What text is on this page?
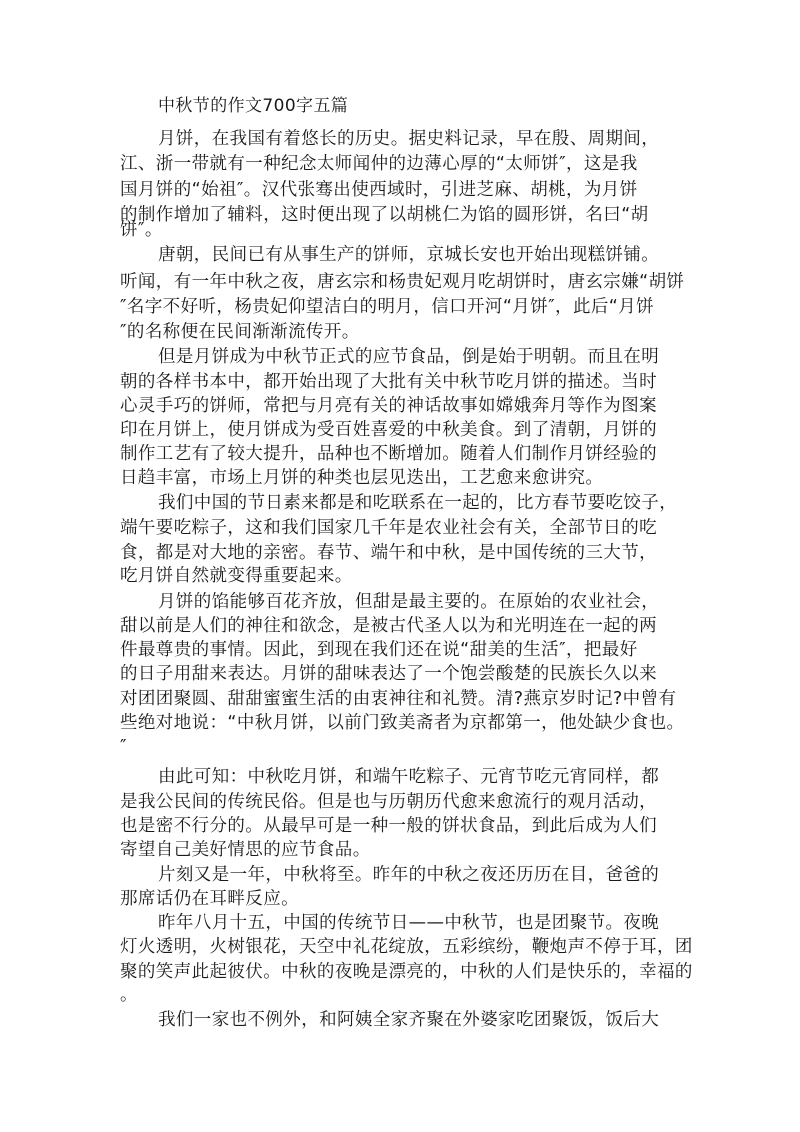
中秋节的作文700字五篇
月饼，在我国有着悠长的历史。据史料记录，早在殷、周期间，
江、浙一带就有一种纪念太师闻仲的边薄心厚的“太师饼″，这是我
国月饼的“始祖″。汉代张骞出使西域时，引进芝麻、胡桃，为月饼
的制作增加了辅料，这时便出现了以胡桃仁为馅的圆形饼，名曰“胡
饼″。
唐朝，民间已有从事生产的饼师，京城长安也开始出现糕饼铺。
听闻，有一年中秋之夜，唐玄宗和杨贵妃观月吃胡饼时，唐玄宗嫌“胡饼
″名字不好听，杨贵妃仰望洁白的明月，信口开河“月饼″，此后“月饼
″的名称便在民间渐渐流传开。
但是月饼成为中秋节正式的应节食品，倒是始于明朝。而且在明
朝的各样书本中，都开始出现了大批有关中秋节吃月饼的描述。当时
心灵手巧的饼师，常把与月亮有关的神话故事如嫦娥奔月等作为图案
印在月饼上，使月饼成为受百姓喜爱的中秋美食。到了清朝，月饼的
制作工艺有了较大提升，品种也不断增加。随着人们制作月饼经验的
日趋丰富，市场上月饼的种类也层见迭出，工艺愈来愈讲究。
我们中国的节日素来都是和吃联系在一起的，比方春节要吃饺子，
端午要吃粽子，这和我们国家几千年是农业社会有关，全部节日的吃
食，都是对大地的亲密。春节、端午和中秋，是中国传统的三大节，
吃月饼自然就变得重要起来。
月饼的馅能够百花齐放，但甜是最主要的。在原始的农业社会，
甜以前是人们的神往和欲念，是被古代圣人以为和光明连在一起的两
件最尊贵的事情。因此，到现在我们还在说“甜美的生活″，把最好
的日子用甜来表达。月饼的甜味表达了一个饱尝酸楚的民族长久以来
对团团聚圆、甜甜蜜蜜生活的由衷神往和礼赞。清?燕京岁时记?中曾有
些绝对地说：“中秋月饼，以前门致美斋者为京都第一，他处缺少食也。
″
由此可知：中秋吃月饼，和端午吃粽子、元宵节吃元宵同样，都
是我公民间的传统民俗。但是也与历朝历代愈来愈流行的观月活动，
也是密不行分的。从最早可是一种一般的饼状食品，到此后成为人们
寄望自己美好情思的应节食品。
片刻又是一年，中秋将至。昨年的中秋之夜还历历在目，爸爸的
那席话仍在耳畔反应。
昨年八月十五，中国的传统节日——中秋节，也是团聚节。夜晚
灯火透明，火树银花，天空中礼花绽放，五彩缤纷，鞭炮声不停于耳，团
聚的笑声此起彼伏。中秋的夜晚是漂亮的，中秋的人们是快乐的，幸福的
。
我们一家也不例外，和阿姨全家齐聚在外婆家吃团聚饭，饭后大
